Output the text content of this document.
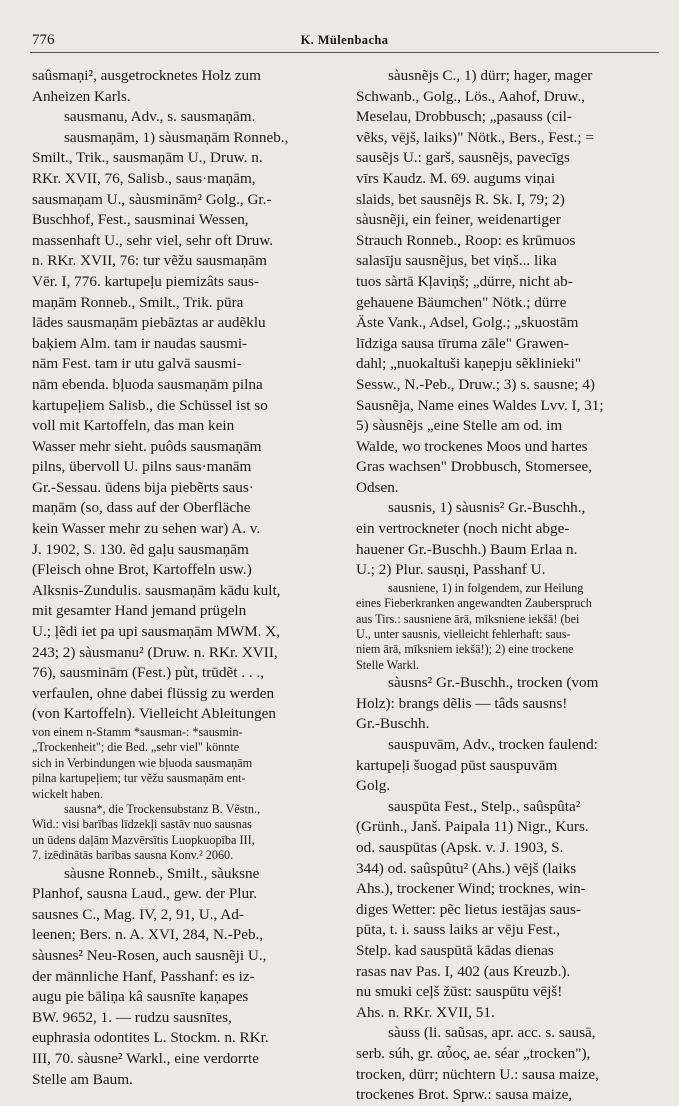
776	K. Mülenbacha
saûsmaņi², ausgetrocknetes Holz zum
Anheizen Karls.
sausmanu, Adv., s. sausmaņām.
sausmaņām, 1) sàusmaņām Ronneb.,
Smilt., Trik., sausmaņām U., Druw. n.
RKr. XVII, 76, Salisb., saus·maņām,
sausmaņam U., sàusminām² Golg., Gr.-
Buschhof, Fest., sausminai Wessen,
massenhaft U., sehr viel, sehr oft Druw.
n. RKr. XVII, 76: tur vẽžu sausmaņām
Vēr. I, 776. kartupeļu piemizâts saus-
maņām Ronneb., Smilt., Trik. pūra
lādes sausmaņām piebāztas ar audẽklu
baķiem Alm. tam ir naudas sausmi-
nām Fest. tam ir utu galvā sausmi-
nām ebenda. bļuoda sausmaņām pilna
kartupeļiem Salisb., die Schüssel ist so
voll mit Kartoffeln, das man kein
Wasser mehr sieht. puôds sausmaņām
pilns, übervoll U. pilns saus·manām
Gr.-Sessau. ūdens bija piebẽrts saus·
maņām (so, dass auf der Oberfläche
kein Wasser mehr zu sehen war) A. v.
J. 1902, S. 130. ẽd gaļu sausmaņām
(Fleisch ohne Brot, Kartoffeln usw.)
Alksnis-Zundulis. sausmaņām kādu kult,
mit gesamter Hand jemand prügeln
U.; ļẽdi iet pa upi sausmaņām MWM. X,
243; 2) sàusmanu² (Druw. n. RKr. XVII,
76), sausminām (Fest.) pùt, trūdẽt . . .,
verfaulen, ohne dabei flüssig zu werden
(von Kartoffeln). Vielleicht Ableitungen
von einem n-Stamm *sausman-: *sausmin-
„Trockenheit"; die Bed. „sehr viel" könnte
sich in Verbindungen wie bļuoda sausmaņām
pilna kartupeļiem; tur vẽžu sausmaņām ent-
wickelt haben.
sausna*, die Trockensubstanz B. Vẽstn.,
Wid.: visi barības līdzekļi sastāv nuo sausnas
un ūdens daļām Mazvērsītis Luopkuopība III,
7. izēdinātās barības sausna Konv.² 2060.
sàusne Ronneb., Smilt., sàuksne
Planhof, sausna Laud., gew. der Plur.
sausnes C., Mag. IV, 2, 91, U., Ad-
leenen; Bers. n. A. XVI, 284, N.-Peb.,
sàusnes² Neu-Rosen, auch sausnẽji U.,
der männliche Hanf, Passhanf: es iz-
augu pie bāliņa kâ sausnīte kaņapes
BW. 9652, 1. — rudzu sausnītes,
euphrasia odontites L. Stockm. n. RKr.
III, 70. sàusne² Warkl., eine verdorrte
Stelle am Baum.
sàusnẽjs C., 1) dürr; hager, mager
Schwanb., Golg., Lös., Aahof, Druw.,
Meselau, Drobbusch; „pasauss (cil-
vẽks, vējš, laiks)" Nötk., Bers., Fest.; =
sausẽjs U.: garš, sausnẽjs, pavecīgs
vīrs Kaudz. M. 69. augums viņai
slaids, bet sausnẽjs R. Sk. I, 79; 2)
sàusnẽji, ein feiner, weidenartiger
Strauch Ronneb., Roop: es krūmuos
salasīju sausnẽjus, bet viņš... lika
tuos sàrtā Kļaviņš; „dürre, nicht ab-
gehauene Bäumchen" Nötk.; dürre
Äste Vank., Adsel, Golg.; „skuostām
līdziga sausa tīruma zāle" Grawen-
dahl; „nuokaltuši kaņepju sẽklinieki"
Sessw., N.-Peb., Druw.; 3) s. sausne; 4)
Sausnẽja, Name eines Waldes Lvv. I, 31;
5) sàusnẽjs „eine Stelle am od. im
Walde, wo trockenes Moos und hartes
Gras wachsen" Drobbusch, Stomersee,
Odsen.
sausnis, 1) sàusnis² Gr.-Buschh.,
ein vertrockneter (noch nicht abge-
hauener Gr.-Buschh.) Baum Erlaa n.
U.; 2) Plur. sausņi, Passhanf U.
sausniene, 1) in folgendem, zur Heilung
eines Fieberkranken angewandten Zauberspruch
aus Tirs.: sausniene ārā, mīksniene iekšā! (bei
U., unter sausnis, vielleicht fehlerhaft: saus-
niem ārā, mīksniem iekšā!); 2) eine trockene
Stelle Warkl.
sàusns² Gr.-Buschh., trocken (vom
Holz): brangs dẽlis — tâds sausns!
Gr.-Buschh.
sauspuvām, Adv., trocken faulend:
kartupeļi šuogad pūst sauspuvām
Golg.
sauspūta Fest., Stelp., saûspûta²
(Grünh., Janš. Paipala 11) Nigr., Kurs.
od. sauspūtas (Apsk. v. J. 1903, S.
344) od. saûspûtu² (Ahs.) vējš (laiks
Ahs.), trockener Wind; trocknes, win-
diges Wetter: pẽc lietus iestājas saus-
pūta, t. i. sauss laiks ar vēju Fest.,
Stelp. kad sauspūtā kādas dienas
rasas nav Pas. I, 402 (aus Kreuzb.).
nu smuki ceļš žūst: sauspūtu vējš!
Ahs. n. RKr. XVII, 51.
sàuss (li. saũsas, apr. acc. s. sausā,
serb. súh, gr. αὖος, ae. séar „trocken"),
trocken, dürr; nüchtern U.: sausa maize,
trockenes Brot. Sprw.: sausa maize,
